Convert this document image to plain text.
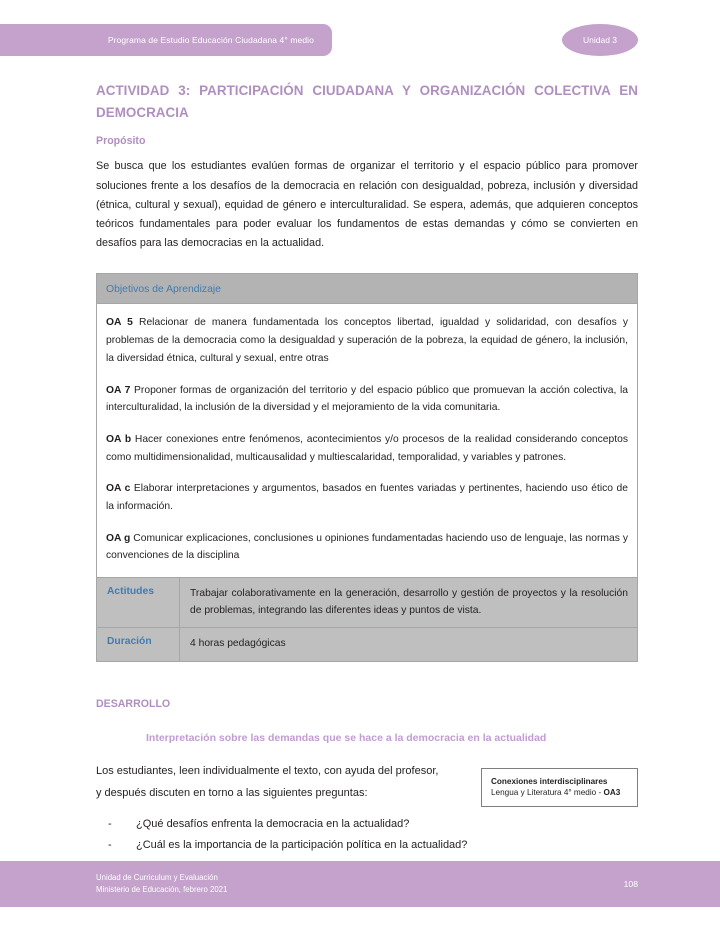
Programa de Estudio Educación Ciudadana 4° medio	Unidad 3
ACTIVIDAD 3: PARTICIPACIÓN CIUDADANA Y ORGANIZACIÓN COLECTIVA EN DEMOCRACIA
Propósito

Se busca que los estudiantes evalúen formas de organizar el territorio y el espacio público para promover soluciones frente a los desafíos de la democracia en relación con desigualdad, pobreza, inclusión y diversidad (étnica, cultural y sexual), equidad de género e interculturalidad. Se espera, además, que adquieren conceptos teóricos fundamentales para poder evaluar los fundamentos de estas demandas y cómo se convierten en desafíos para las democracias en la actualidad.

Objetivos de Aprendizaje

OA 5 Relacionar de manera fundamentada los conceptos libertad, igualdad y solidaridad, con desafíos y problemas de la democracia como la desigualdad y superación de la pobreza, la equidad de género, la inclusión, la diversidad étnica, cultural y sexual, entre otras

OA 7 Proponer formas de organización del territorio y del espacio público que promuevan la acción colectiva, la interculturalidad, la inclusión de la diversidad y el mejoramiento de la vida comunitaria.

OA b Hacer conexiones entre fenómenos, acontecimientos y/o procesos de la realidad considerando conceptos como multidimensionalidad, multicausalidad y multiescalaridad, temporalidad, y variables y patrones.

OA c Elaborar interpretaciones y argumentos, basados en fuentes variadas y pertinentes, haciendo uso ético de la información.

OA g Comunicar explicaciones, conclusiones u opiniones fundamentadas haciendo uso de lenguaje, las normas y convenciones de la disciplina

Actitudes	Trabajar colaborativamente en la generación, desarrollo y gestión de proyectos y la resolución de problemas, integrando las diferentes ideas y puntos de vista.
Duración	4 horas pedagógicas
DESARROLLO
Interpretación sobre las demandas que se hace a la democracia en la actualidad

Conexiones interdisciplinares

Lengua y Literatura 4° medio - OA3

Los estudiantes, leen individualmente el texto, con ayuda del profesor,

y después discuten en torno a las siguientes preguntas:

-	¿Qué desafíos enfrenta la democracia en la actualidad?
-	¿Cuál es la importancia de la participación política en la actualidad?
Unidad de Curriculum y Evaluación
Ministerio de Educación, febrero 2021
108
